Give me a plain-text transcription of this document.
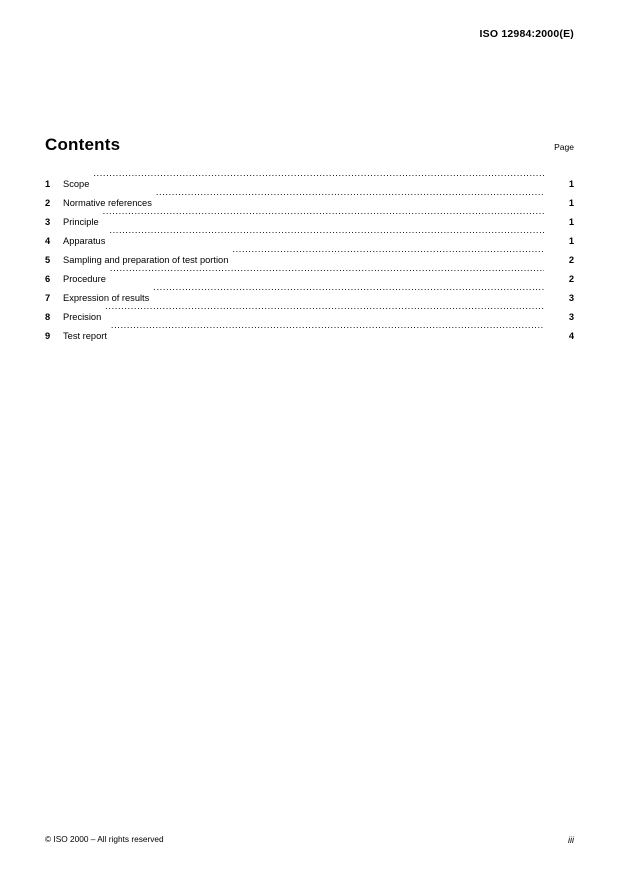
ISO 12984:2000(E)
Contents	Page
1	Scope .....	1
2	Normative references .....	1
3	Principle .....	1
4	Apparatus .....	1
5	Sampling and preparation of test portion .....	2
6	Procedure .....	2
7	Expression of results .....	3
8	Precision .....	3
9	Test report .....	4
© ISO 2000 – All rights reserved	iii
